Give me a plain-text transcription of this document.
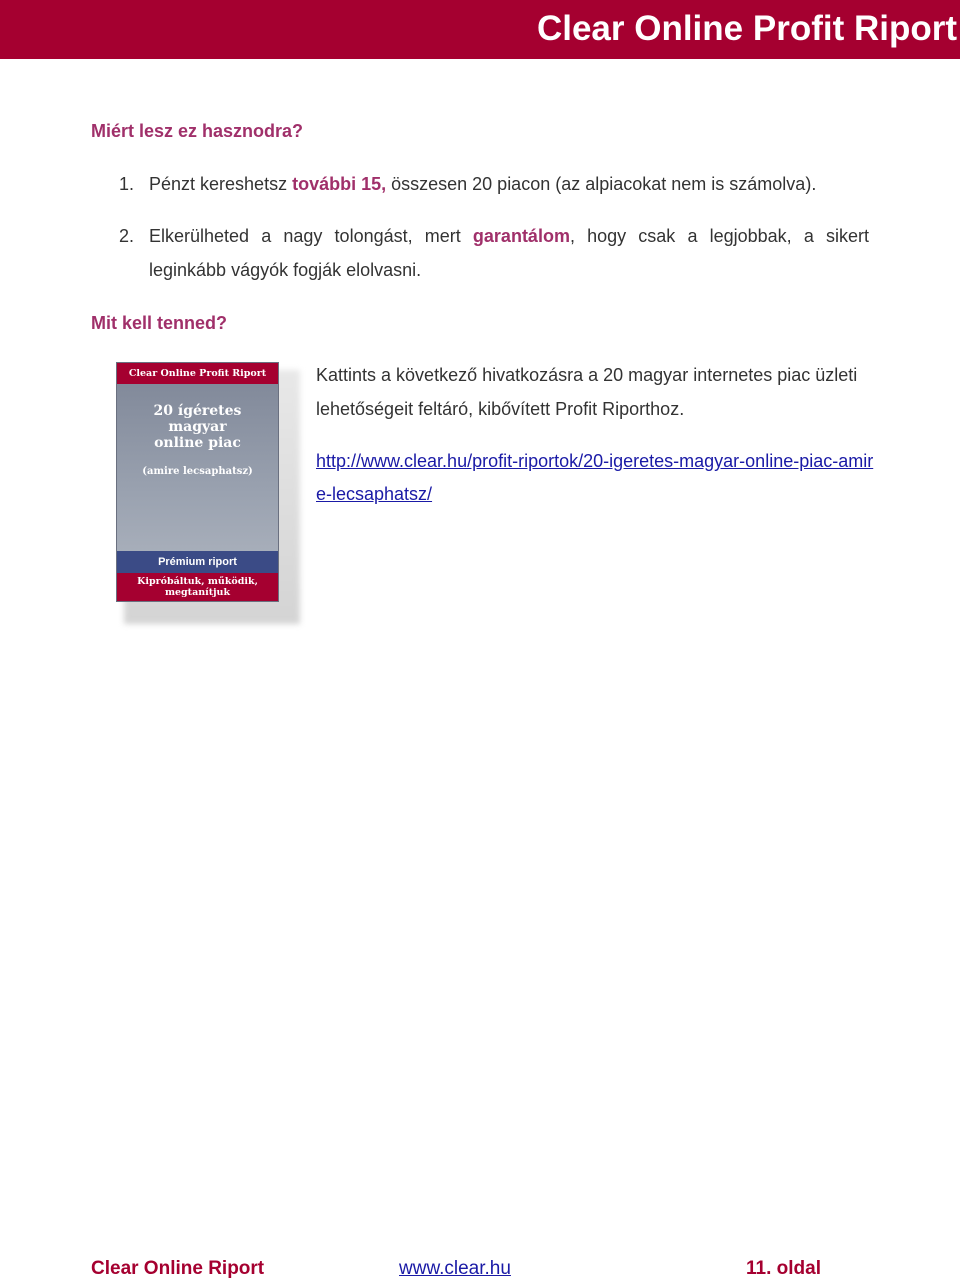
Clear Online Profit Riport
Miért lesz ez hasznodra?
1. Pénzt kereshetsz további 15, összesen 20 piacon (az alpiacokat nem is számolva).
2. Elkerülheted a nagy tolongást, mert garantálom, hogy csak a legjobbak, a sikert leginkább vágyók fogják elolvasni.
Mit kell tenned?
Clear Online Profit Riport
20 ígéretes
magyar
online piac
(amire lecsaphatsz)
Prémium riport
Kipróbáltuk, működik,
megtanítjuk

Kattints a következő hivatkozásra a 20 magyar internetes piac üzleti lehetőségeit feltáró, kibővített Profit Riporthoz.

http://www.clear.hu/profit-riportok/20-igeretes-magyar-online-piac-amire-lecsaphatsz/
Clear Online Riport	www.clear.hu	11. oldal
